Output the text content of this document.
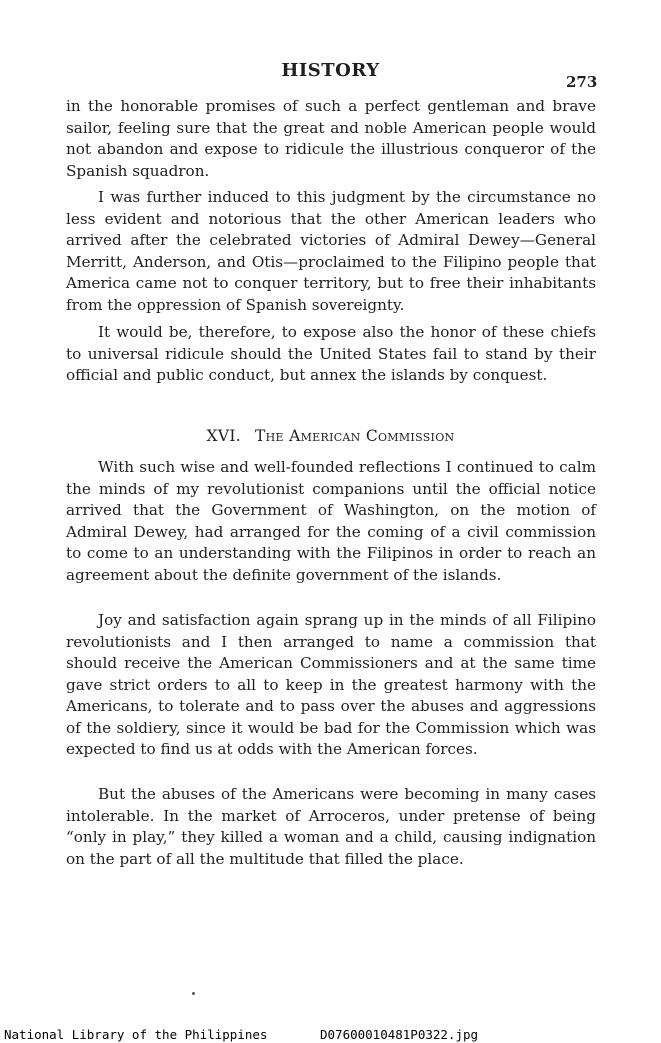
HISTORY
273

in the honorable promises of such a perfect gentleman and brave sailor, feeling sure that the great and noble American people would not abandon and expose to ridicule the illustrious conqueror of the Spanish squadron.

I was further induced to this judgment by the circumstance no less evident and notorious that the other American leaders who arrived after the celebrated victories of Admiral Dewey—General Merritt, Anderson, and Otis—proclaimed to the Filipino people that America came not to conquer territory, but to free their inhabitants from the oppression of Spanish sovereignty.

It would be, therefore, to expose also the honor of these chiefs to universal ridicule should the United States fail to stand by their official and public conduct, but annex the islands by conquest.

XVI. The American Commission

With such wise and well-founded reflections I continued to calm the minds of my revolutionist companions until the official notice arrived that the Government of Washington, on the motion of Admiral Dewey, had arranged for the coming of a civil commission to come to an understanding with the Filipinos in order to reach an agreement about the definite government of the islands.

Joy and satisfaction again sprang up in the minds of all Filipino revolutionists and I then arranged to name a commission that should receive the American Commissioners and at the same time gave strict orders to all to keep in the greatest harmony with the Americans, to tolerate and to pass over the abuses and aggressions of the soldiery, since it would be bad for the Commission which was expected to find us at odds with the American forces.

But the abuses of the Americans were becoming in many cases intolerable. In the market of Arroceros, under pretense of being “only in play,” they killed a woman and a child, causing indignation on the part of all the multitude that filled the place.

National Library of the Philippines	D07600010481P0322.jpg
